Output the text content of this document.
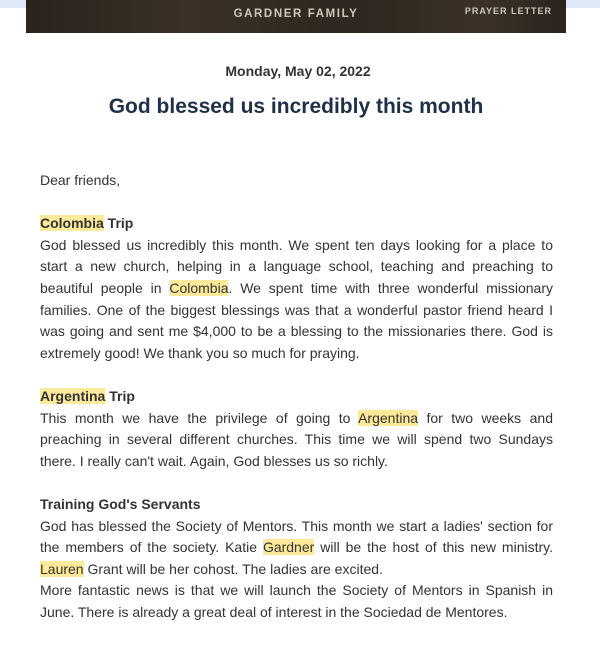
GARDNER FAMILY	PRAYER LETTER
Monday, May 02, 2022
God blessed us incredibly this month

Dear friends,

Colombia Trip

God blessed us incredibly this month. We spent ten days looking for a place to start a new church, helping in a language school, teaching and preaching to beautiful people in Colombia. We spent time with three wonderful missionary families. One of the biggest blessings was that a wonderful pastor friend heard I was going and sent me $4,000 to be a blessing to the missionaries there. God is extremely good! We thank you so much for praying.

Argentina Trip

This month we have the privilege of going to Argentina for two weeks and preaching in several different churches. This time we will spend two Sundays there. I really can't wait. Again, God blesses us so richly.

Training God's Servants

God has blessed the Society of Mentors. This month we start a ladies' section for the members of the society. Katie Gardner will be the host of this new ministry. Lauren Grant will be her cohost. The ladies are excited.

More fantastic news is that we will launch the Society of Mentors in Spanish in June. There is already a great deal of interest in the Sociedad de Mentores.
